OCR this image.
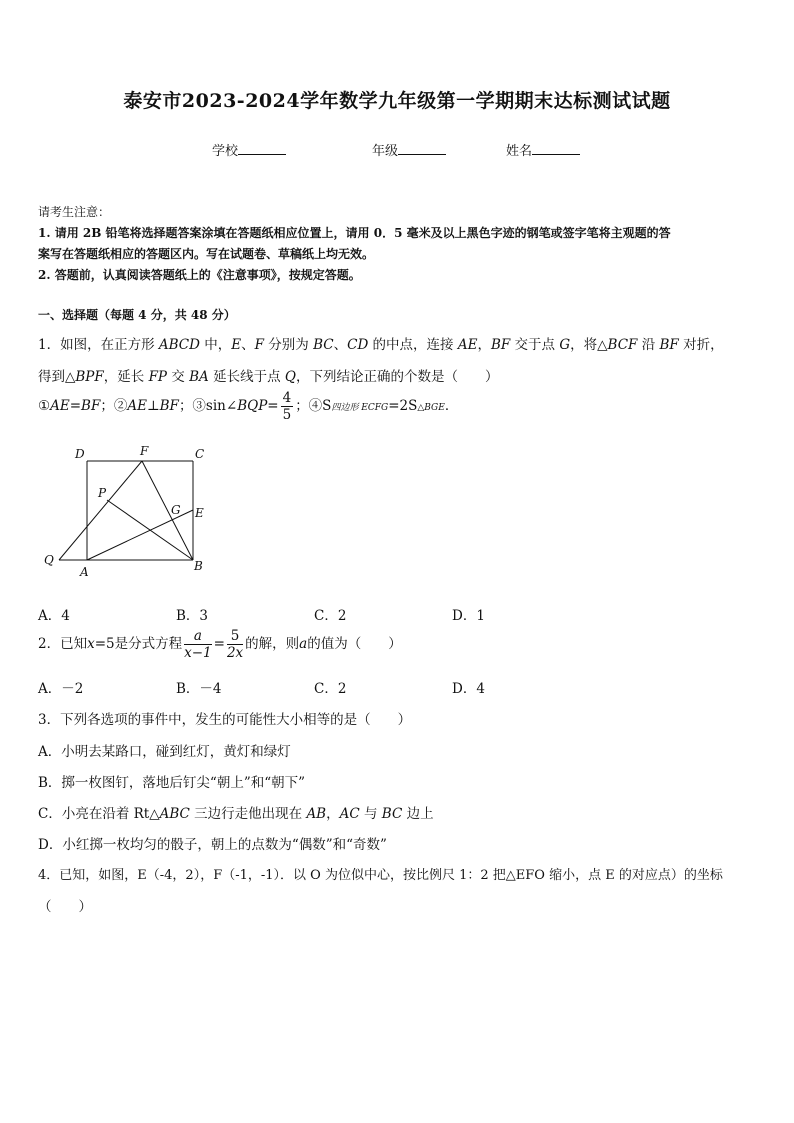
泰安市2023-2024学年数学九年级第一学期期末达标测试试题
学校	年级	姓名
请考生注意：
1. 请用 2B 铅笔将选择题答案涂填在答题纸相应位置上，请用 0．5 毫米及以上黑色字迹的钢笔或签字笔将主观题的答
案写在答题纸相应的答题区内。写在试题卷、草稿纸上均无效。
2. 答题前，认真阅读答题纸上的《注意事项》，按规定答题。
一、选择题（每题 4 分，共 48 分）
1．如图，在正方形 ABCD 中，E、F 分别为 BC、CD 的中点，连接 AE，BF 交于点 G，将△BCF 沿 BF 对折，
得到△BPF，延长 FP 交 BA 延长线于点 Q，下列结论正确的个数是（　　）
①AE=BF；②AE⊥BF；③sin∠BQP= $\frac{4}{5}$ ；④S四边形 ECFG=2S△BGE．
D	F	C
P
G E
Q
A	B
A．4	B．3	C．2	D．1
2．已知x=5是分式方程 $\frac{a}{x-1} = \frac{5}{2x}$ 的解，则a的值为（　　）
A．－2	B．－4	C．2	D．4
3．下列各选项的事件中，发生的可能性大小相等的是（　　）
A．小明去某路口，碰到红灯，黄灯和绿灯
B．掷一枚图钉，落地后钉尖“朝上”和“朝下”
C．小亮在沿着 Rt△ABC 三边行走他出现在 AB，AC 与 BC 边上
D．小红掷一枚均匀的骰子，朝上的点数为“偶数”和“奇数”
4．已知，如图，E（-4，2），F（-1，-1）．以 O 为位似中心，按比例尺 1：2 把△EFO 缩小，点 E 的对应点）的坐标
（　　）
